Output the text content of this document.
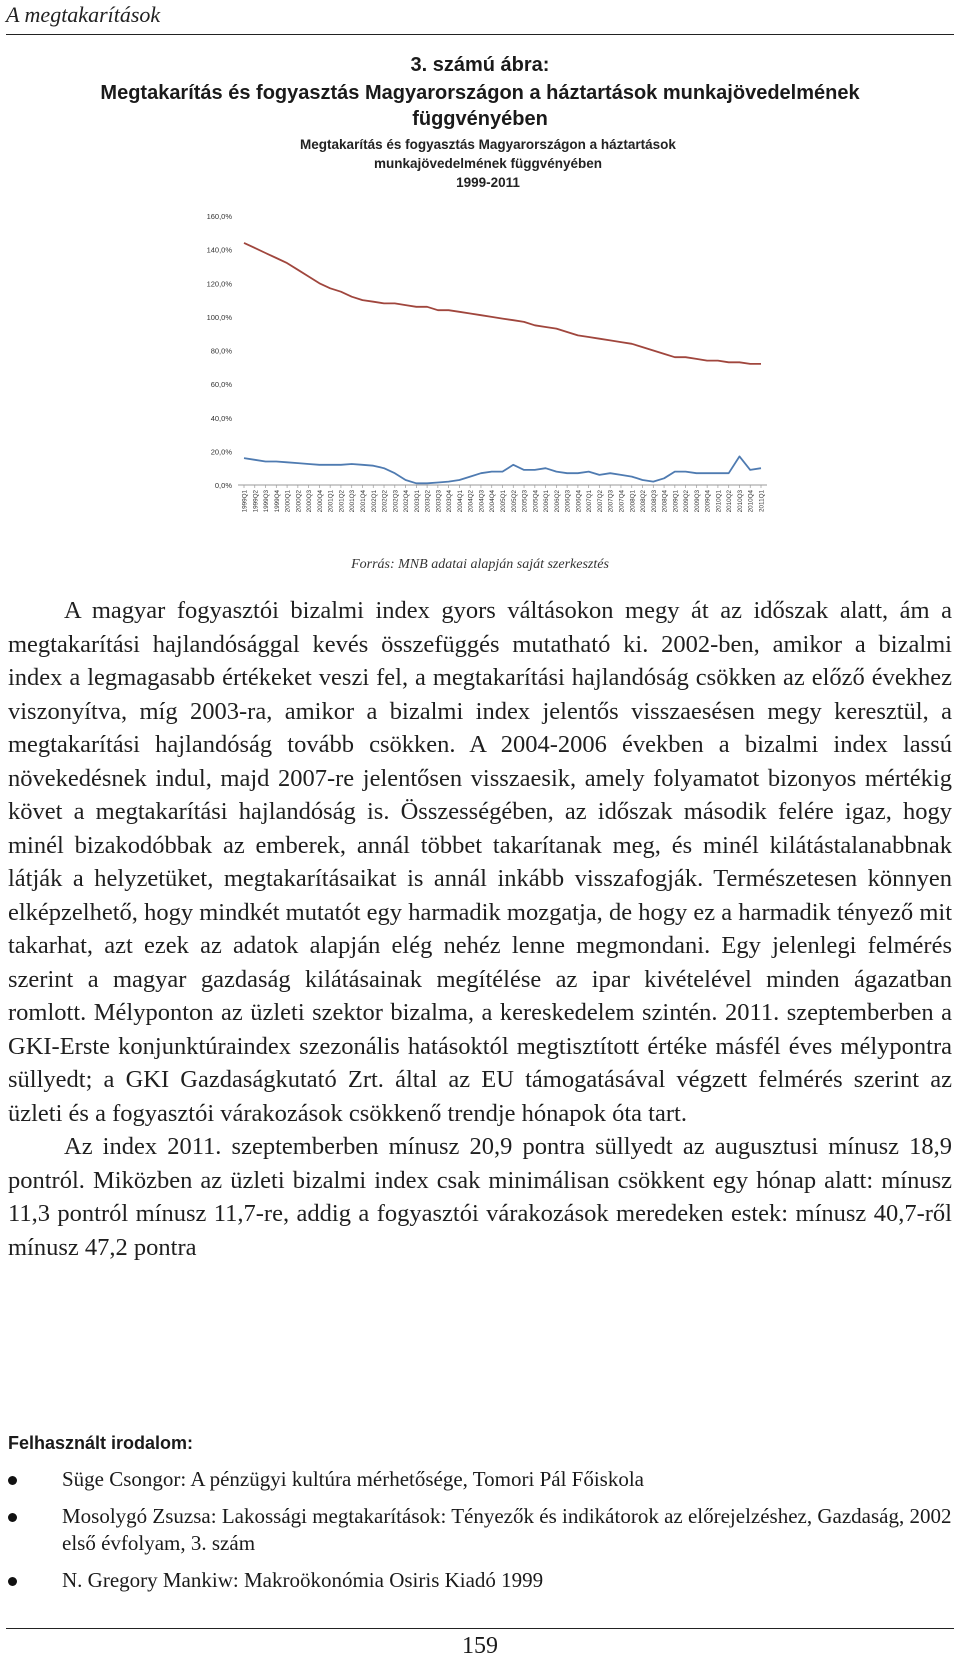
A megtakarítások
3. számú ábra:
Megtakarítás és fogyasztás Magyarországon a háztartások munkajövedelmének függvényében
Megtakarítás és fogyasztás Magyarországon a háztartások
munkajövedelmének függvényében
1999-2011
0,0%
20,0%
40,0%
60,0%
80,0%
100,0%
120,0%
140,0%
160,0%
1999Q1 1999Q2 1999Q3 1999Q4 2000Q1 2000Q2 2000Q3 2000Q4 2001Q1 2001Q2 2001Q3 2001Q4 2002Q1 2002Q2 2002Q3 2002Q4 2003Q1 2003Q2 2003Q3 2003Q4 2004Q1 2004Q2 2004Q3 2004Q4 2005Q1 2005Q2 2005Q3 2005Q4 2006Q1 2006Q2 2006Q3 2006Q4 2007Q1 2007Q2 2007Q3 2007Q4 2008Q1 2008Q2 2008Q3 2008Q4 2009Q1 2009Q2 2009Q3 2009Q4 2010Q1 2010Q2 2010Q3 2010Q4 2011Q1
Forrás: MNB adatai alapján saját szerkesztés

A magyar fogyasztói bizalmi index gyors váltásokon megy át az időszak alatt, ám a megtakarítási hajlandósággal kevés összefüggés mutatható ki. 2002-ben, amikor a bizalmi index a legmagasabb értékeket veszi fel, a megtakarítási hajlandóság csökken az előző évekhez viszonyítva, míg 2003-ra, amikor a bizalmi index jelentős visszaesésen megy keresztül, a megtakarítási hajlandóság tovább csökken. A 2004-2006 években a bizalmi index lassú növekedésnek indul, majd 2007-re jelentősen visszaesik, amely folyamatot bizonyos mértékig követ a megtakarítási hajlandóság is. Összességében, az időszak második felére igaz, hogy minél bizakodóbbak az emberek, annál többet takarítanak meg, és minél kilátástalanabbnak látják a helyzetüket, megtakarításaikat is annál inkább visszafogják. Természetesen könnyen elképzelhető, hogy mindkét mutatót egy harmadik mozgatja, de hogy ez a harmadik tényező mit takarhat, azt ezek az adatok alapján elég nehéz lenne megmondani. Egy jelenlegi felmérés szerint a magyar gazdaság kilátásainak megítélése az ipar kivételével minden ágazatban romlott. Mélyponton az üzleti szektor bizalma, a kereskedelem szintén. 2011. szeptemberben a GKI-Erste konjunktúraindex szezonális hatásoktól megtisztított értéke másfél éves mélypontra süllyedt; a GKI Gazdaságkutató Zrt. által az EU támogatásával végzett felmérés szerint az üzleti és a fogyasztói várakozások csökkenő trendje hónapok óta tart.

Az index 2011. szeptemberben mínusz 20,9 pontra süllyedt az augusztusi mínusz 18,9 pontról. Miközben az üzleti bizalmi index csak minimálisan csökkent egy hónap alatt: mínusz 11,3 pontról mínusz 11,7-re, addig a fogyasztói várakozások meredeken estek: mínusz 40,7-ről mínusz 47,2 pontra

Felhasznált irodalom:
Süge Csongor: A pénzügyi kultúra mérhetősége, Tomori Pál Főiskola
Mosolygó Zsuzsa: Lakossági megtakarítások: Tényezők és indikátorok az előrejelzéshez, Gazdaság, 2002 első évfolyam, 3. szám
N. Gregory Mankiw: Makroökonómia Osiris Kiadó 1999
159
